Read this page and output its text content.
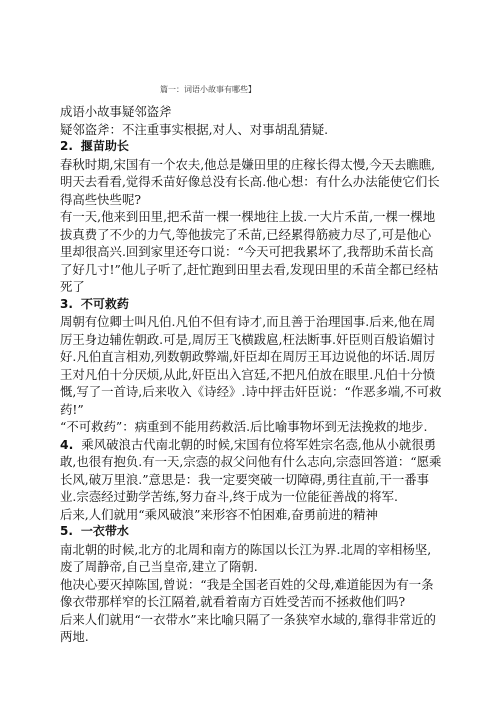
篇一：词语小故事有哪些】

成语小故事疑邻盗斧

疑邻盗斧：不注重事实根据,对人、对事胡乱猜疑.

2. 揠苗助长

春秋时期,宋国有一个农夫,他总是嫌田里的庄稼长得太慢,今天去瞧瞧,明天去看看,觉得禾苗好像总没有长高.他心想：有什么办法能使它们长得高些快些呢?

有一天,他来到田里,把禾苗一棵一棵地往上拔.一大片禾苗,一棵一棵地拔真费了不少的力气,等他拔完了禾苗,已经累得筋疲力尽了,可是他心里却很高兴.回到家里还夸口说：“今天可把我累坏了,我帮助禾苗长高了好几寸!”他儿子听了,赶忙跑到田里去看,发现田里的禾苗全都已经枯死了

3. 不可救药

周朝有位卿士叫凡伯.凡伯不但有诗才,而且善于治理国事.后来,他在周厉王身边辅佐朝政.可是,周厉王飞横跋扈,枉法断事.奸臣则百般谄媚讨好.凡伯直言相劝,列数朝政弊端,奸臣却在周厉王耳边说他的坏话.周厉王对凡伯十分厌烦,从此,奸臣出入宫廷,不把凡伯放在眼里.凡伯十分愤慨,写了一首诗,后来收入《诗经》.诗中抨击奸臣说：“作恶多端,不可救药!”

“不可救药”：病重到不能用药救活.后比喻事物坏到无法挽救的地步.

4. 乘风破浪古代南北朝的时候,宋国有位将军姓宗名悫,他从小就很勇

敢,也很有抱负.有一天,宗悫的叔父问他有什么志向,宗悫回答道：“愿乘长风,破万里浪.”意思是：我一定要突破一切障碍,勇往直前,干一番事业.宗悫经过勤学苦练,努力奋斗,终于成为一位能征善战的将军.

后来,人们就用“乘风破浪”来形容不怕困难,奋勇前进的精神

5. 一衣带水

南北朝的时候,北方的北周和南方的陈国以长江为界.北周的宰相杨坚,废了周静帝,自己当皇帝,建立了隋朝.

他决心要灭掉陈国,曾说：“我是全国老百姓的父母,难道能因为有一条像衣带那样窄的长江隔着,就看着南方百姓受苦而不拯救他们吗?

后来人们就用“一衣带水”来比喻只隔了一条狭窄水域的,靠得非常近的两地.
